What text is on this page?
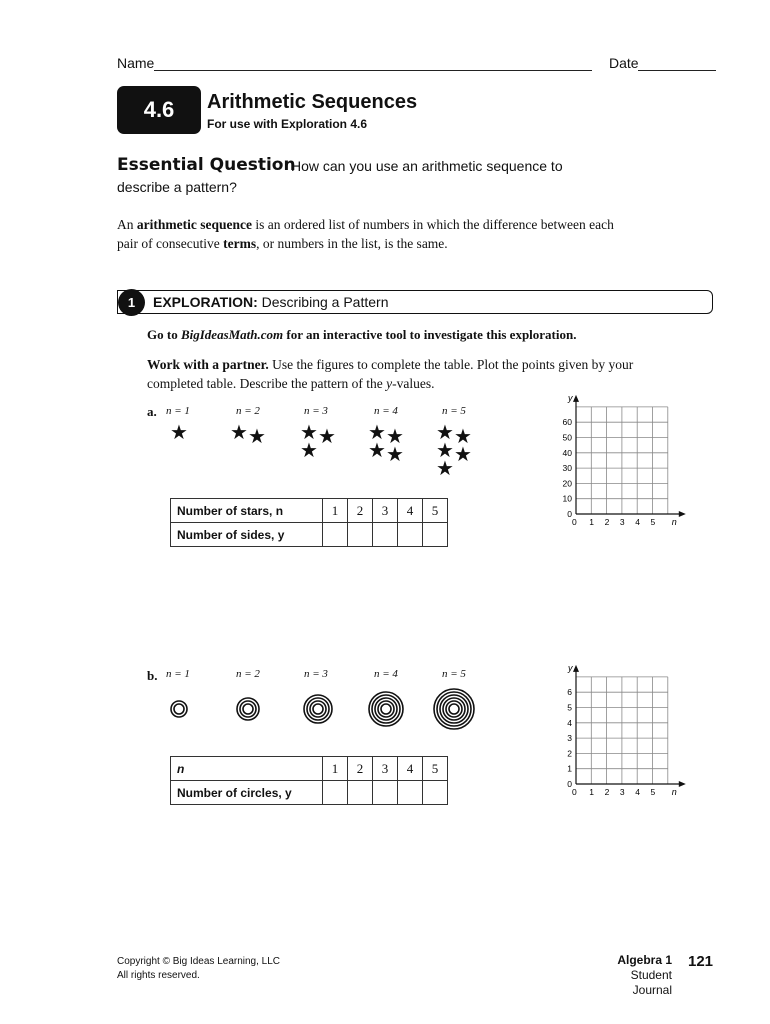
Name	Date
4.6	Arithmetic Sequences
For use with Exploration 4.6
Essential Question
How can you use an arithmetic sequence to
describe a pattern?
An arithmetic sequence is an ordered list of numbers in which the difference between each pair of consecutive terms, or numbers in the list, is the same.
1	EXPLORATION: Describing a Pattern
Go to BigIdeasMath.com for an interactive tool to investigate this exploration.
Work with a partner. Use the figures to complete the table. Plot the points given by your completed table. Describe the pattern of the y-values.
a. n = 1	n = 2	n = 3	n = 4	n = 5
★ ★ ★ ★ ★
★
★ ★
★ ★
★ ★
★ ★
★
Number of stars, n	1	2	3	4	5
Number of sides, y					
y
n
60
50
40
30
20
10
0
0 1 2 3 4 5
b. n = 1	n = 2	n = 3	n = 4	n = 5
n	1	2	3	4	5
Number of circles, y					
y
n
6
5
4
3
2
1
0
0 1 2 3 4 5
Copyright © Big Ideas Learning, LLC
All rights reserved.
Algebra 1
Student Journal
121
